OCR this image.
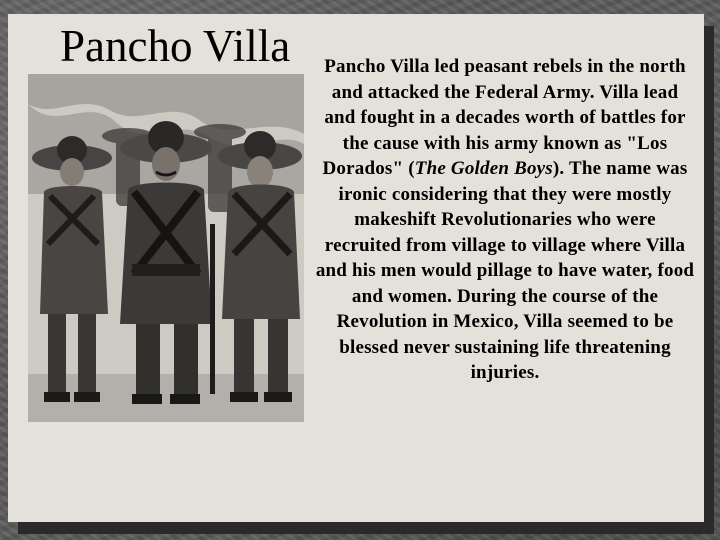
Pancho Villa	Pancho Villa led peasant rebels in the north and attacked the Federal Army. Villa lead and fought in a decades worth of battles for the cause with his army known as "Los Dorados" (The Golden Boys). The name was ironic considering that they were mostly makeshift Revolutionaries who were recruited from village to village where Villa and his men would pillage to have water, food and women. During the course of the Revolution in Mexico, Villa seemed to be blessed never sustaining life threatening injuries.
